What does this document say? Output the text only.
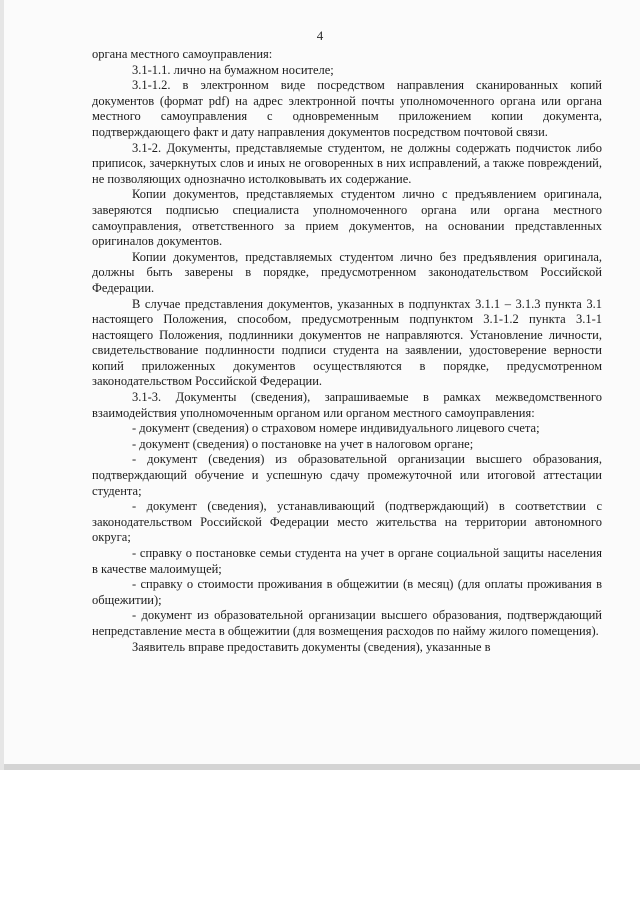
4

органа местного самоуправления:

3.1-1.1. лично на бумажном носителе;

3.1-1.2. в электронном виде посредством направления сканированных копий документов (формат pdf) на адрес электронной почты уполномоченного органа или органа местного самоуправления с одновременным приложением копии документа, подтверждающего факт и дату направления документов посредством почтовой связи.

3.1-2. Документы, представляемые студентом, не должны содержать подчисток либо приписок, зачеркнутых слов и иных не оговоренных в них исправлений, а также повреждений, не позволяющих однозначно истолковывать их содержание.

Копии документов, представляемых студентом лично с предъявлением оригинала, заверяются подписью специалиста уполномоченного органа или органа местного самоуправления, ответственного за прием документов, на основании представленных оригиналов документов.

Копии документов, представляемых студентом лично без предъявления оригинала, должны быть заверены в порядке, предусмотренном законодательством Российской Федерации.

В случае представления документов, указанных в подпунктах 3.1.1 – 3.1.3 пункта 3.1 настоящего Положения, способом, предусмотренным подпунктом 3.1-1.2 пункта 3.1-1 настоящего Положения, подлинники документов не направляются. Установление личности, свидетельствование подлинности подписи студента на заявлении, удостоверение верности копий приложенных документов осуществляются в порядке, предусмотренном законодательством Российской Федерации.

3.1-3. Документы (сведения), запрашиваемые в рамках межведомственного взаимодействия уполномоченным органом или органом местного самоуправления:

- документ (сведения) о страховом номере индивидуального лицевого счета;

- документ (сведения) о постановке на учет в налоговом органе;

- документ (сведения) из образовательной организации высшего образования, подтверждающий обучение и успешную сдачу промежуточной или итоговой аттестации студента;

- документ (сведения), устанавливающий (подтверждающий) в соответствии с законодательством Российской Федерации место жительства на территории автономного округа;

- справку о постановке семьи студента на учет в органе социальной защиты населения в качестве малоимущей;

- справку о стоимости проживания в общежитии (в месяц) (для оплаты проживания в общежитии);

- документ из образовательной организации высшего образования, подтверждающий непредставление места в общежитии (для возмещения расходов по найму жилого помещения).

Заявитель вправе предоставить документы (сведения), указанные в
